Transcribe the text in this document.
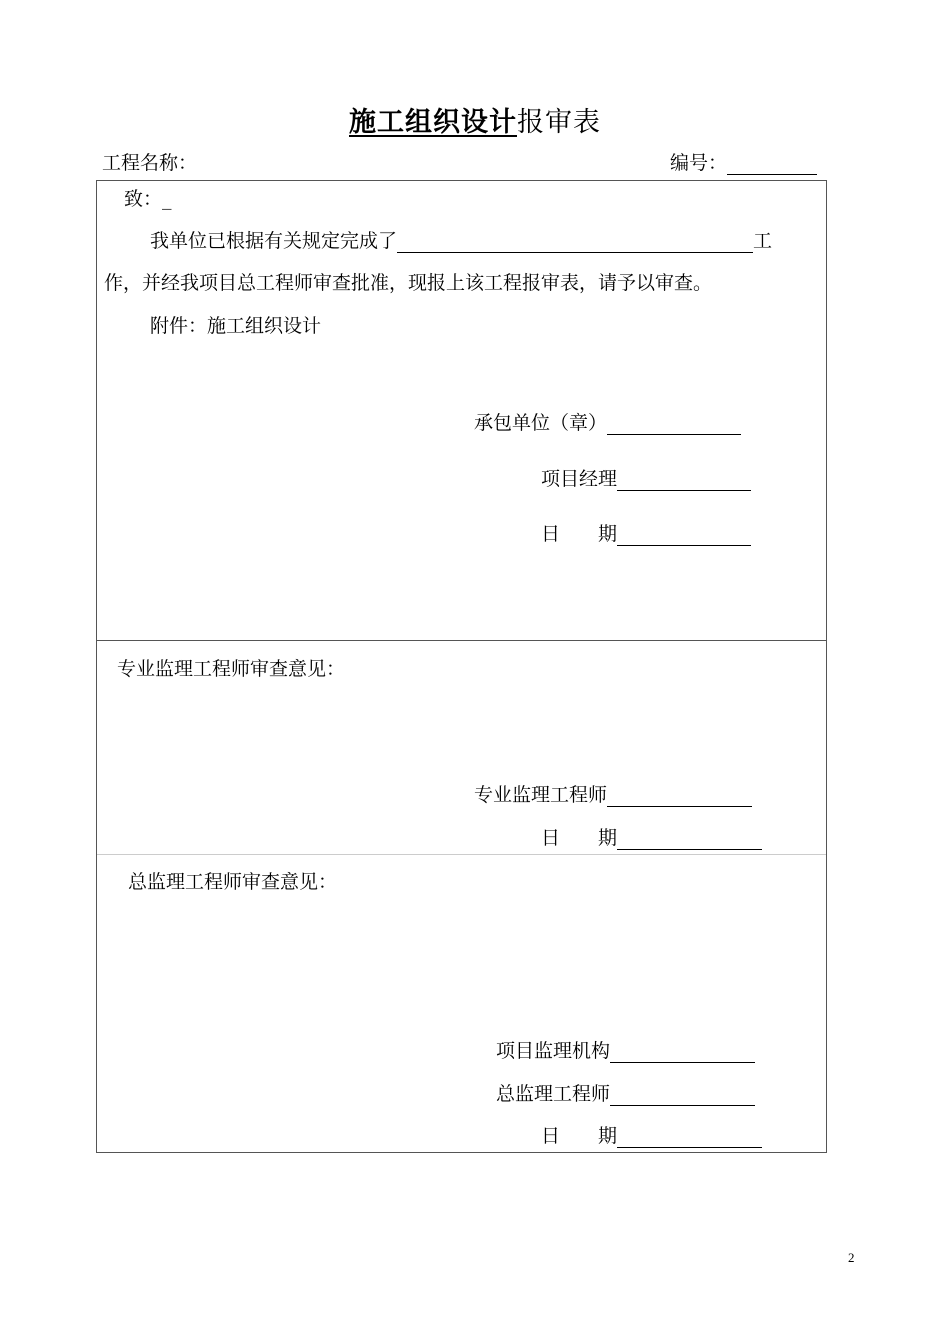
施工组织设计报审表
工程名称：	编号：
致：_
我单位已根据有关规定完成了	工
作，并经我项目总工程师审查批准，现报上该工程报审表，请予以审查。
附件：施工组织设计
承包单位（章）
项目经理
日　　期
专业监理工程师审查意见：
专业监理工程师
日　　期
总监理工程师审查意见：
项目监理机构
总监理工程师
日　　期
2
